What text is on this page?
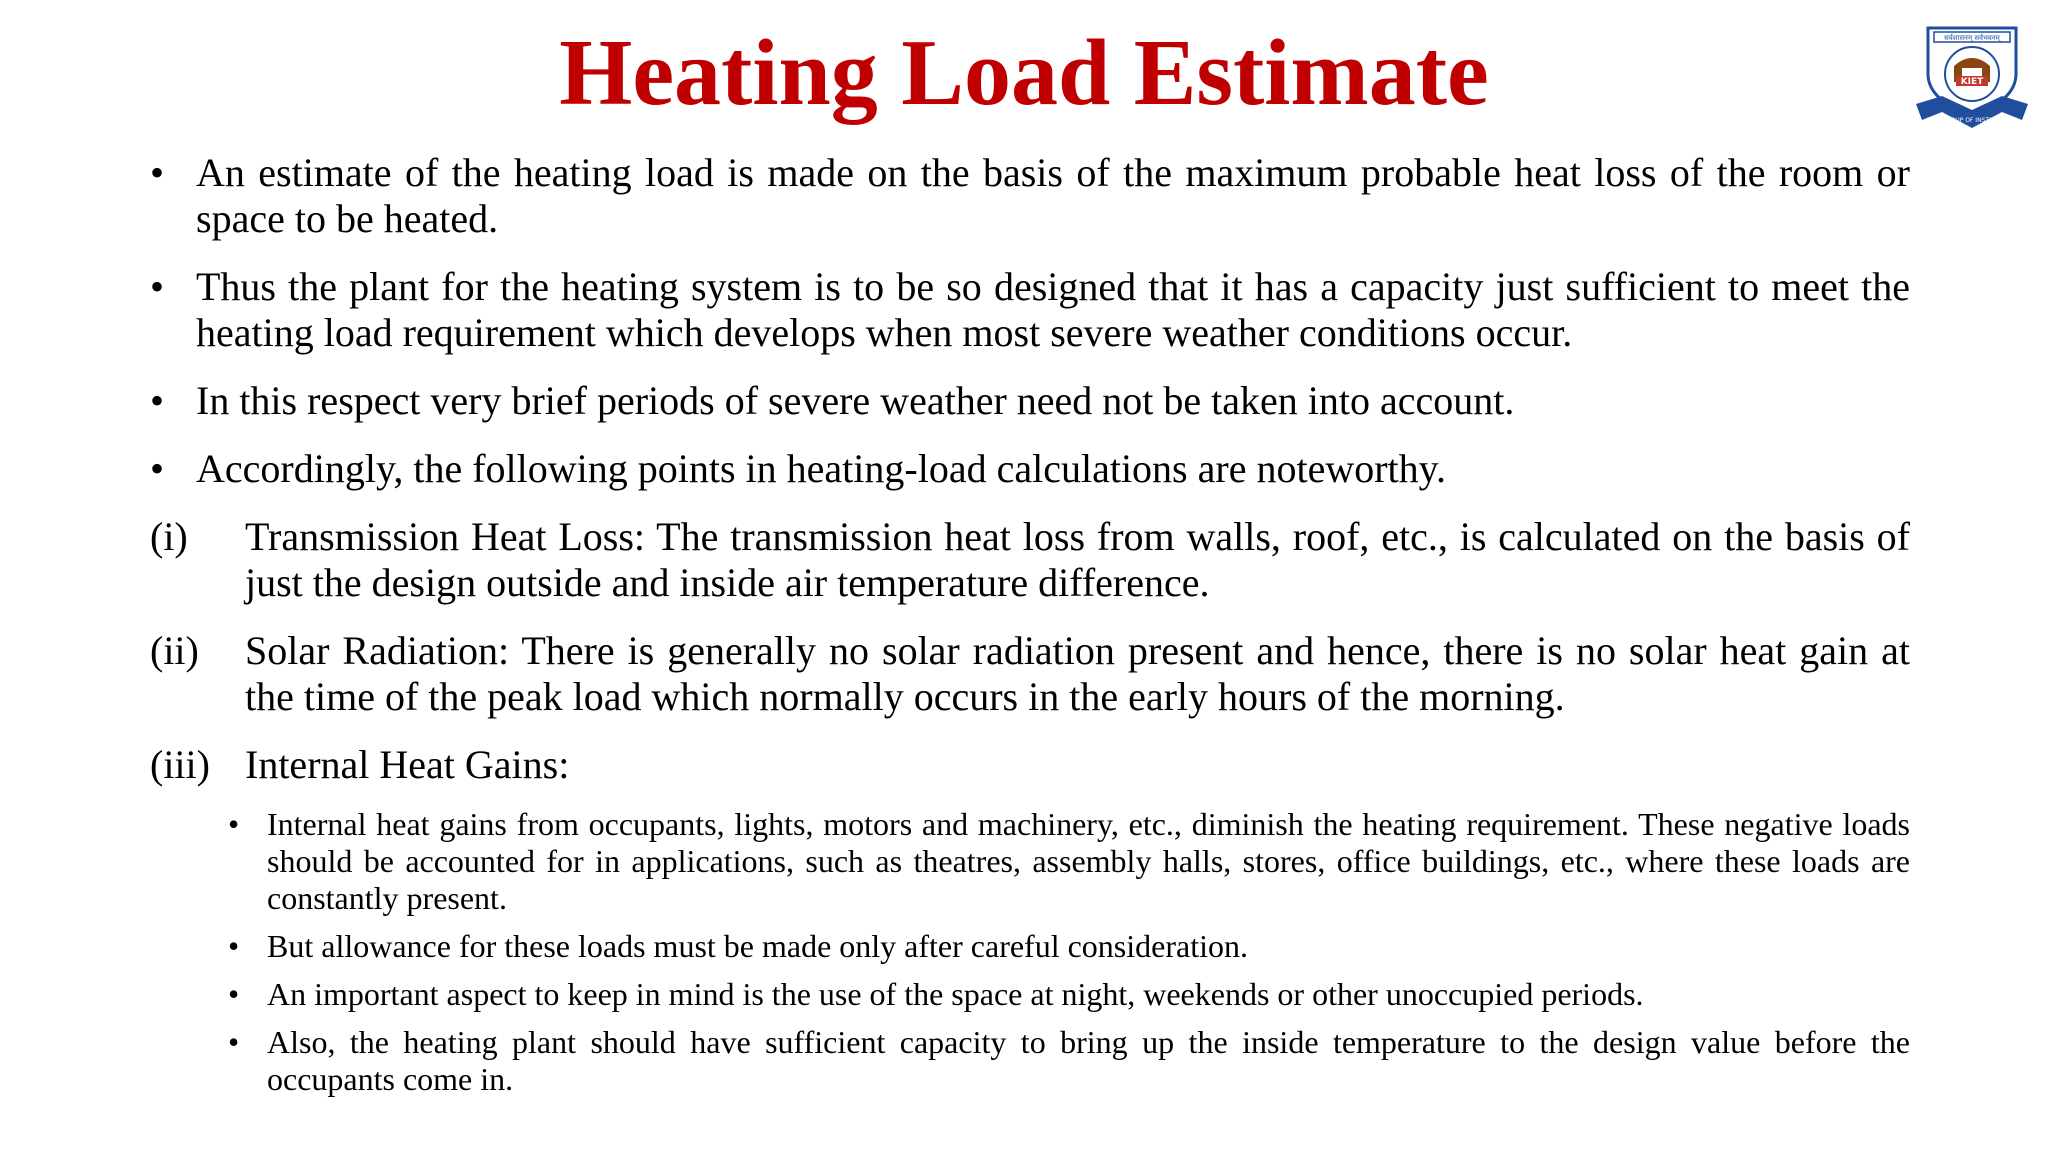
Heating Load Estimate	सर्वशासनम् सर्वभवनम्
KIET
KIET GROUP OF INSTITUTIONS
• An estimate of the heating load is made on the basis of the maximum probable heat loss of the room or space to be heated.
• Thus the plant for the heating system is to be so designed that it has a capacity just sufficient to meet the heating load requirement which develops when most severe weather conditions occur.
• In this respect very brief periods of severe weather need not be taken into account.
• Accordingly, the following points in heating-load calculations are noteworthy.
(i) Transmission Heat Loss: The transmission heat loss from walls, roof, etc., is calculated on the basis of just the design outside and inside air temperature difference.
(ii) Solar Radiation: There is generally no solar radiation present and hence, there is no solar heat gain at the time of the peak load which normally occurs in the early hours of the morning.
(iii) Internal Heat Gains:
• Internal heat gains from occupants, lights, motors and machinery, etc., diminish the heating requirement. These negative loads should be accounted for in applications, such as theatres, assembly halls, stores, office buildings, etc., where these loads are constantly present.
• But allowance for these loads must be made only after careful consideration.
• An important aspect to keep in mind is the use of the space at night, weekends or other unoccupied periods.
• Also, the heating plant should have sufficient capacity to bring up the inside temperature to the design value before the occupants come in.
